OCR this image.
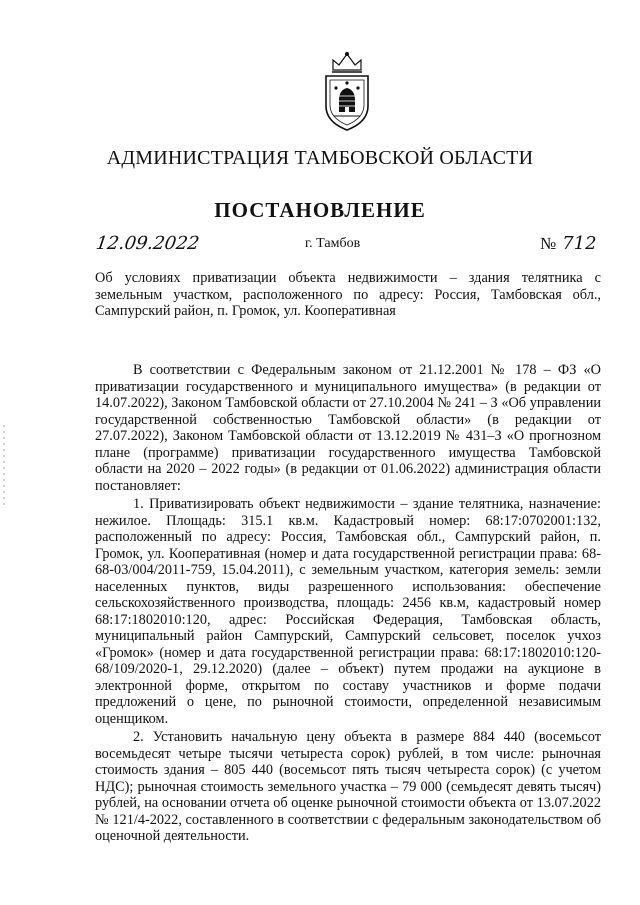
АДМИНИСТРАЦИЯ ТАМБОВСКОЙ ОБЛАСТИ
ПОСТАНОВЛЕНИЕ
12.09.2022	г. Тамбов	№ 712
Об условиях приватизации объекта недвижимости – здания телятника с земельным участком, расположенного по адресу: Россия, Тамбовская обл., Сампурский район, п. Громок, ул. Кооперативная

В соответствии с Федеральным законом от 21.12.2001 № 178 – ФЗ «О приватизации государственного и муниципального имущества» (в редакции от 14.07.2022), Законом Тамбовской области от 27.10.2004 № 241 – З «Об управлении государственной собственностью Тамбовской области» (в редакции от 27.07.2022), Законом Тамбовской области от 13.12.2019 № 431–З «О прогнозном плане (программе) приватизации государственного имущества Тамбовской области на 2020 – 2022 годы» (в редакции от 01.06.2022) администрация области постановляет:

1. Приватизировать объект недвижимости – здание телятника, назначение: нежилое. Площадь: 315.1 кв.м. Кадастровый номер: 68:17:0702001:132, расположенный по адресу: Россия, Тамбовская обл., Сампурский район, п. Громок, ул. Кооперативная (номер и дата государственной регистрации права: 68-68-03/004/2011-759, 15.04.2011), с земельным участком, категория земель: земли населенных пунктов, виды разрешенного использования: обеспечение сельскохозяйственного производства, площадь: 2456 кв.м, кадастровый номер 68:17:1802010:120, адрес: Российская Федерация, Тамбовская область, муниципальный район Сампурский, Сампурский сельсовет, поселок учхоз «Громок» (номер и дата государственной регистрации права: 68:17:1802010:120-68/109/2020-1, 29.12.2020) (далее – объект) путем продажи на аукционе в электронной форме, открытом по составу участников и форме подачи предложений о цене, по рыночной стоимости, определенной независимым оценщиком.

2. Установить начальную цену объекта в размере 884 440 (восемьсот восемьдесят четыре тысячи четыреста сорок) рублей, в том числе: рыночная стоимость здания – 805 440 (восемьсот пять тысяч четыреста сорок) (с учетом НДС); рыночная стоимость земельного участка – 79 000 (семьдесят девять тысяч) рублей, на основании отчета об оценке рыночной стоимости объекта от 13.07.2022 № 121/4-2022, составленного в соответствии с федеральным законодательством об оценочной деятельности.
